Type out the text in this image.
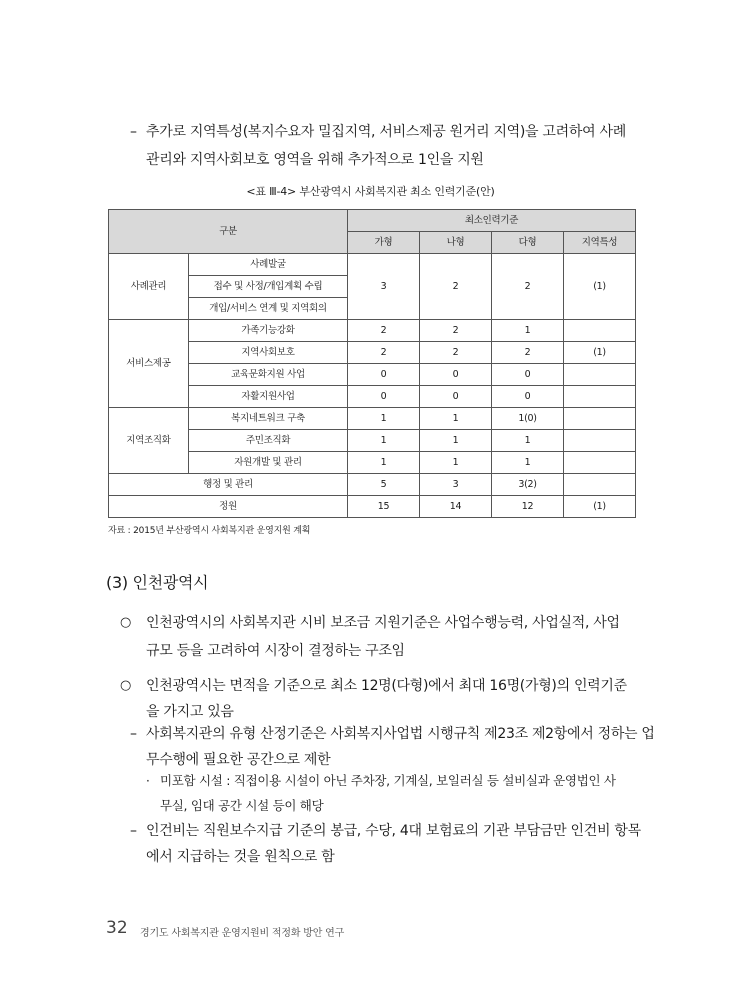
– 추가로 지역특성(복지수요자 밀집지역, 서비스제공 원거리 지역)을 고려하여 사례
관리와 지역사회보호 영역을 위해 추가적으로 1인을 지원
<표 Ⅲ-4> 부산광역시 사회복지관 최소 인력기준(안)
구분		최소인력기준			
		가형	나형	다형	지역특성
사례관리	사례발굴	3	2	2	(1)
	접수 및 사정/개입계획 수립				
	개입/서비스 연계 및 지역회의				
서비스제공	가족기능강화	2	2	1	
	지역사회보호	2	2	2	(1)
	교육문화지원 사업	0	0	0	
	자활지원사업	0	0	0	
지역조직화	복지네트워크 구축	1	1	1(0)	
	주민조직화	1	1	1	
	자원개발 및 관리	1	1	1	
행정 및 관리		5	3	3(2)	
정원		15	14	12	(1)
자료 : 2015년 부산광역시 사회복지관 운영지원 계획
(3) 인천광역시
○ 인천광역시의 사회복지관 시비 보조금 지원기준은 사업수행능력, 사업실적, 사업
규모 등을 고려하여 시장이 결정하는 구조임
○ 인천광역시는 면적을 기준으로 최소 12명(다형)에서 최대 16명(가형)의 인력기준
을 가지고 있음
– 사회복지관의 유형 산정기준은 사회복지사업법 시행규칙 제23조 제2항에서 정하는 업
무수행에 필요한 공간으로 제한
· 미포함 시설 : 직접이용 시설이 아닌 주차장, 기계실, 보일러실 등 설비실과 운영법인 사
무실, 임대 공간 시설 등이 해당
– 인건비는 직원보수지급 기준의 봉급, 수당, 4대 보험료의 기관 부담금만 인건비 항목
에서 지급하는 것을 원칙으로 함
32 경기도 사회복지관 운영지원비 적정화 방안 연구
